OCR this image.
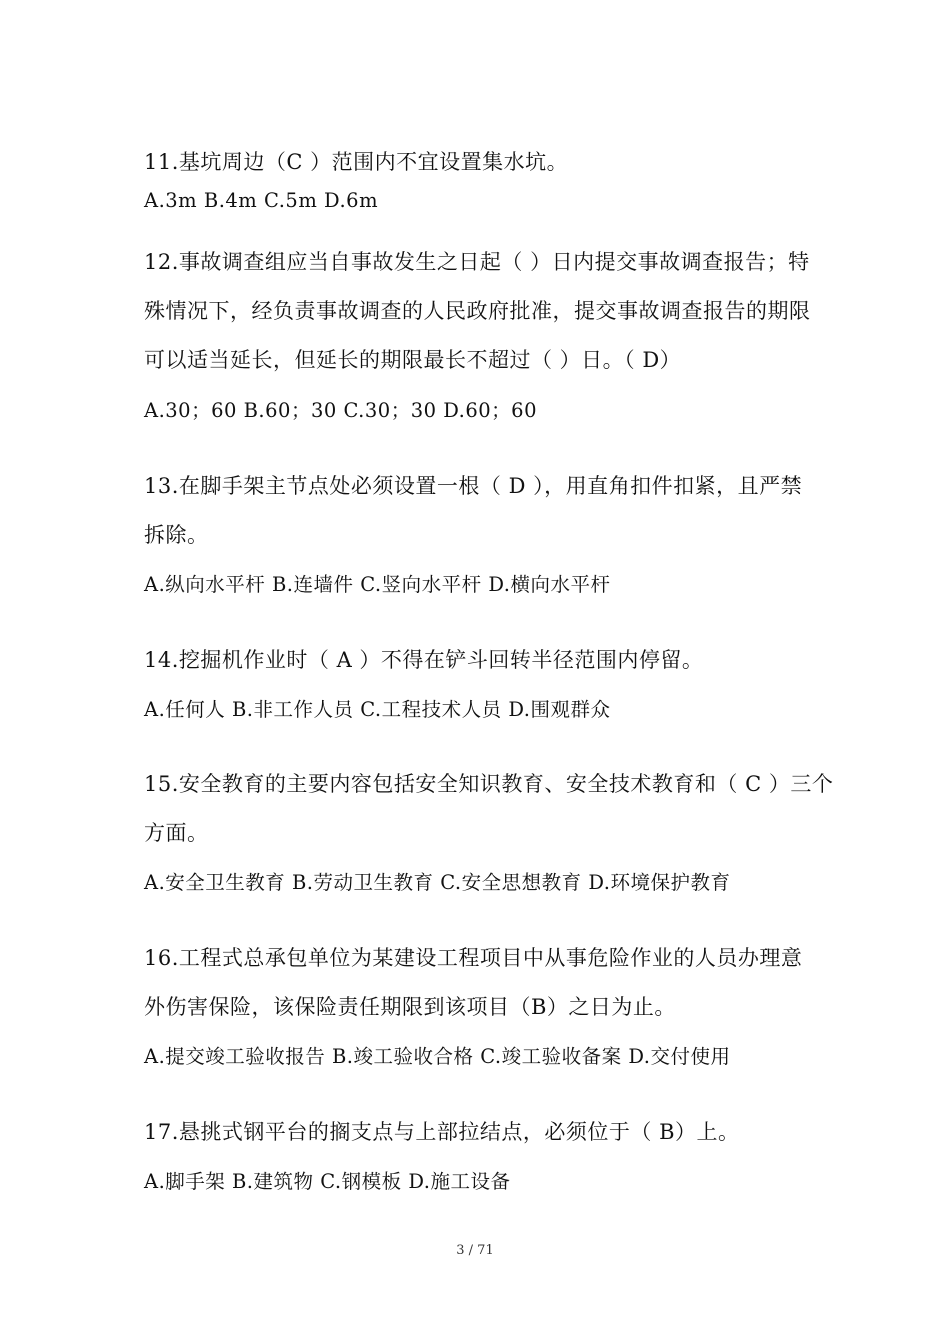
11.基坑周边（C ）范围内不宜设置集水坑。
A.3m B.4m C.5m D.6m
12.事故调查组应当自事故发生之日起（ ）日内提交事故调查报告；特
殊情况下，经负责事故调查的人民政府批准，提交事故调查报告的期限
可以适当延长，但延长的期限最长不超过（ ）日。（ D）
A.30；60 B.60；30 C.30；30 D.60；60
13.在脚手架主节点处必须设置一根（ D ），用直角扣件扣紧，且严禁
拆除。
A.纵向水平杆 B.连墙件 C.竖向水平杆 D.横向水平杆
14.挖掘机作业时（ A ）不得在铲斗回转半径范围内停留。
A.任何人 B.非工作人员 C.工程技术人员 D.围观群众
15.安全教育的主要内容包括安全知识教育、安全技术教育和（ C ）三个
方面。
A.安全卫生教育 B.劳动卫生教育 C.安全思想教育 D.环境保护教育
16.工程式总承包单位为某建设工程项目中从事危险作业的人员办理意
外伤害保险，该保险责任期限到该项目（B）之日为止。
A.提交竣工验收报告 B.竣工验收合格 C.竣工验收备案 D.交付使用
17.悬挑式钢平台的搁支点与上部拉结点，必须位于（ B）上。
A.脚手架 B.建筑物 C.钢模板 D.施工设备
3 / 71
